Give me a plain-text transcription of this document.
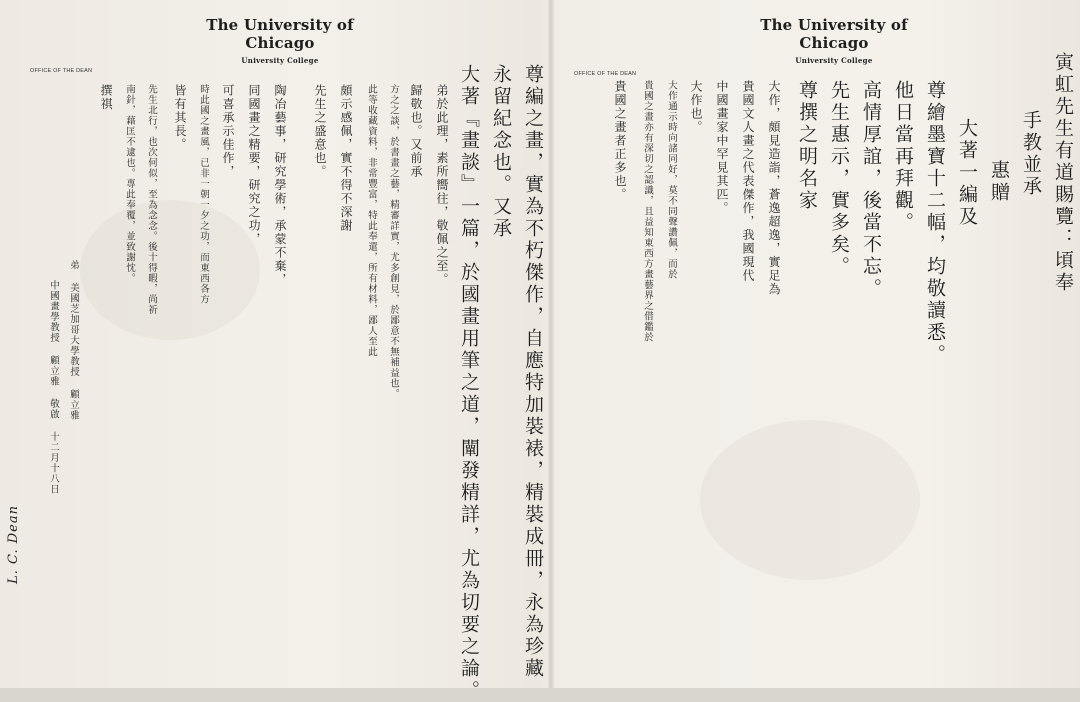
The University of Chicago
University College
OFFICE OF THE DEAN	尊編之畫，實為不朽傑作，自應特加裝裱，精裝成冊，永為珍藏
永留紀念也。又承
大著『畫談』一篇，於國畫用筆之道，闡發精詳，尤為切要之論。
弟於此理，素所嚮往，敬佩之至。
歸敬也。又前承
方之之談，於書畫之藝，精審詳實，尤多創見，於鄙意不無補益也。
此等收藏資料，非常豐富，特此奉還，所有材料，鄙人至此
頗示感佩，實不得不深謝
先生之盛意也。
陶冶藝事，研究學術，承蒙不棄，
同國畫之精要，研究之功，
可喜承示佳作，
時此國之畫風，已非一朝一夕之功，而東西各方
皆有其長。
先生北行，也次何似，至為念念。後十得暇，尚祈
南針，藉匡不逮也。專此奉覆，並致謝忱。
撰祺
弟 美國芝加哥大學教授 顧立雅
中國畫學教授 顧立雅 敬啟 十二月十八日
L. C. Dean
The University of Chicago
University College
OFFICE OF THE DEAN	寅虹先生有道賜覽：頃奉
手教並承
惠贈
大著一編及
尊繪墨寶十二幅，均敬讀悉。
他日當再拜觀。
高情厚誼，後當不忘。
先生惠示，實多矣。
尊撰之明名家
大作，頗見造詣，蒼逸超逸，實足為
貴國文人畫之代表傑作，我國現代
中國畫家中罕見其匹。
大作也。
大作通示時向諸同好，莫不同聲讚佩，而於
貴國之畫亦有深切之認識，且益知東西方畫藝界之借鑑於
貴國之畫者正多也。
